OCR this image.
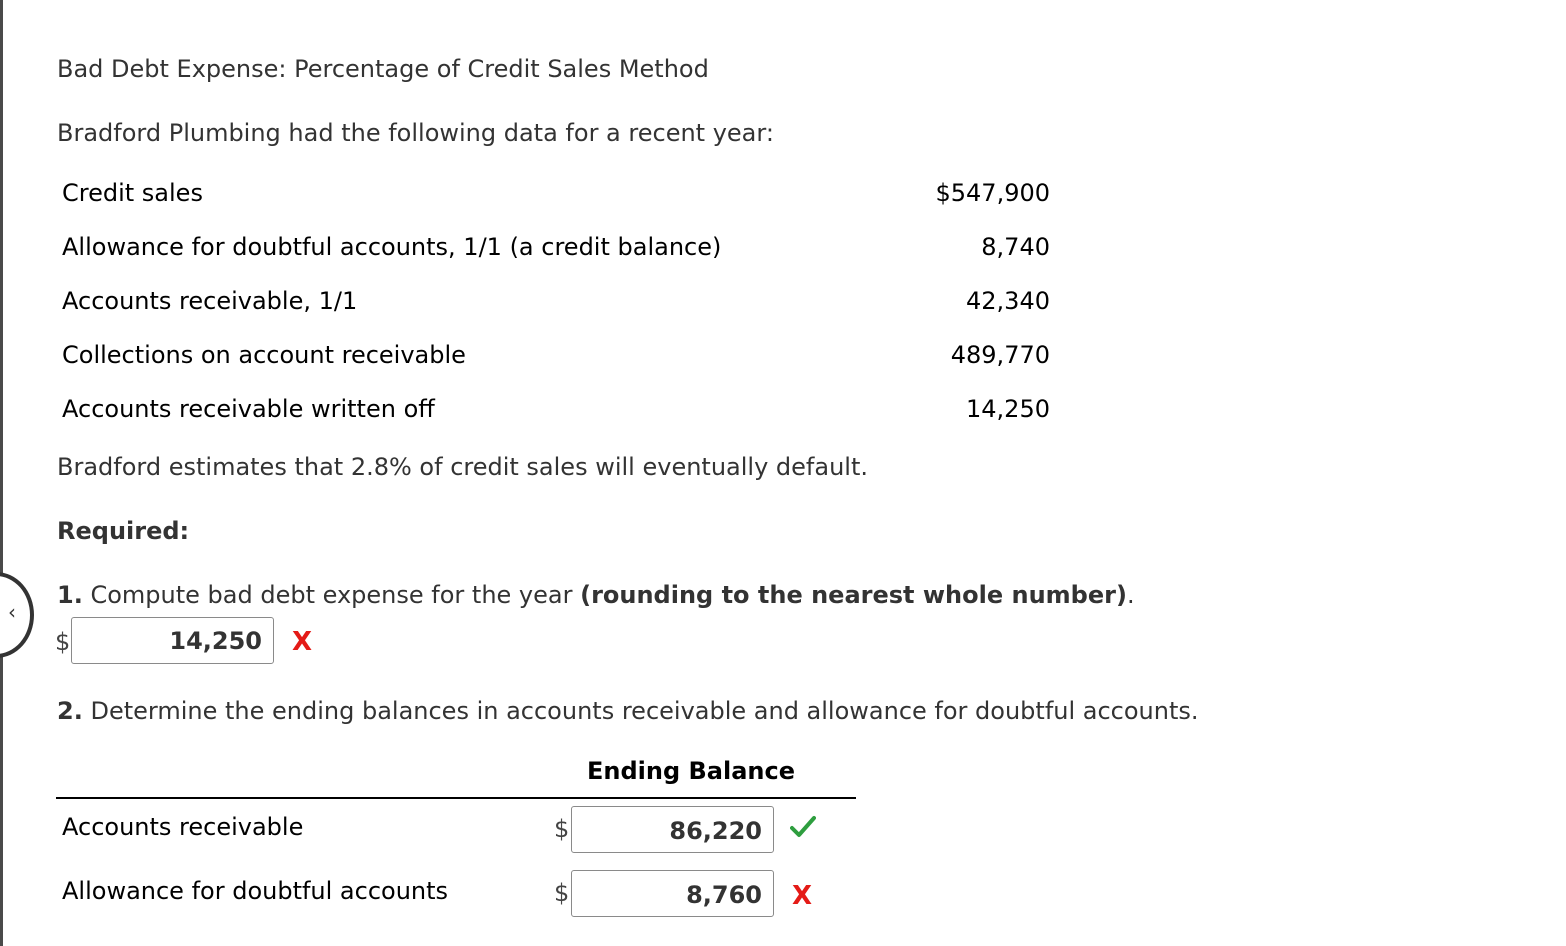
‹
Bad Debt Expense: Percentage of Credit Sales Method
Bradford Plumbing had the following data for a recent year:
Credit sales	$547,900
Allowance for doubtful accounts, 1/1 (a credit balance)	8,740
Accounts receivable, 1/1	42,340
Collections on account receivable	489,770
Accounts receivable written off	14,250
Bradford estimates that 2.8% of credit sales will eventually default.
Required:
1. Compute bad debt expense for the year (rounding to the nearest whole number).
$	14,250	X
2. Determine the ending balances in accounts receivable and allowance for doubtful accounts.
Ending Balance
Accounts receivable	$	86,220
Allowance for doubtful accounts	$	8,760	X
